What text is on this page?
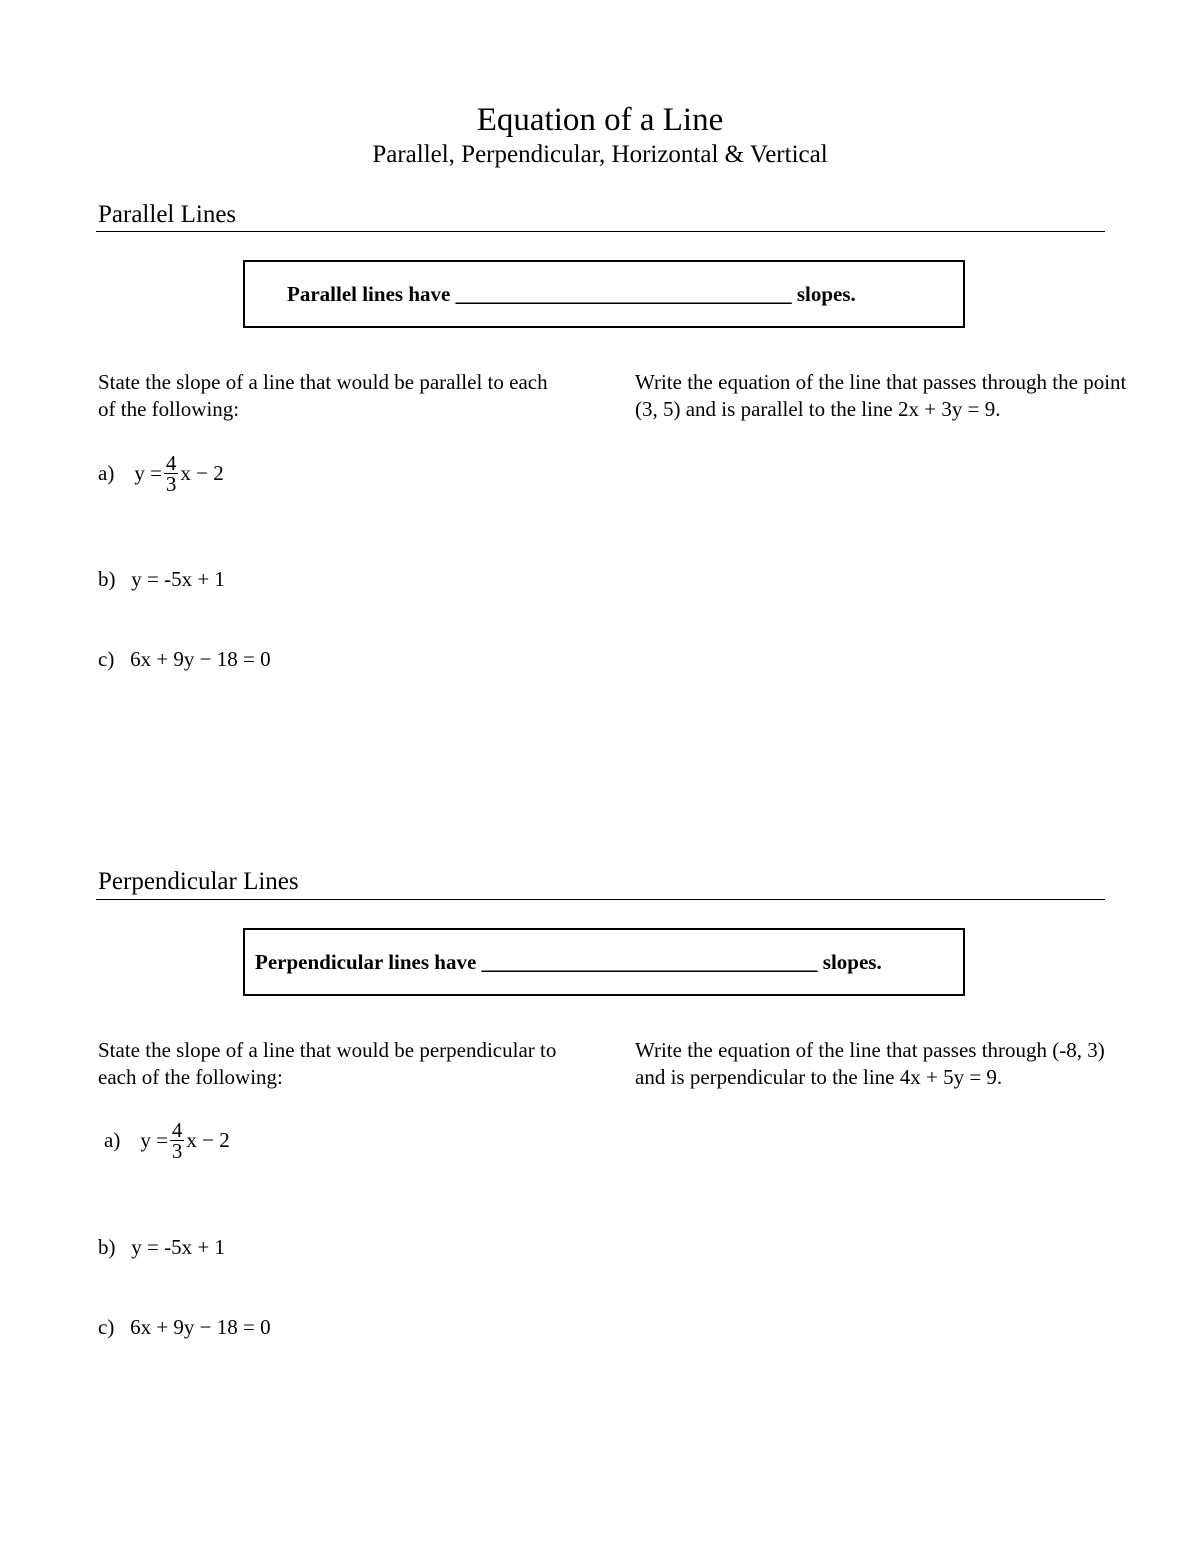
Equation of a Line
Parallel, Perpendicular, Horizontal & Vertical
Parallel Lines
Parallel lines have ________________________________ slopes.
State the slope of a line that would be parallel to each of the following:
Write the equation of the line that passes through the point (3, 5) and is parallel to the line 2x + 3y = 9.
a) $y = \frac{4}{3}$ x − 2
b)   y = -5x + 1
c)   6x + 9y − 18 = 0
Perpendicular Lines
Perpendicular lines have ________________________________ slopes.
State the slope of a line that would be perpendicular to each of the following:
Write the equation of the line that passes through (-8, 3) and is perpendicular to the line 4x + 5y = 9.
a) $y = \frac{4}{3}$ x − 2
b)   y = -5x + 1
c)   6x + 9y − 18 = 0
